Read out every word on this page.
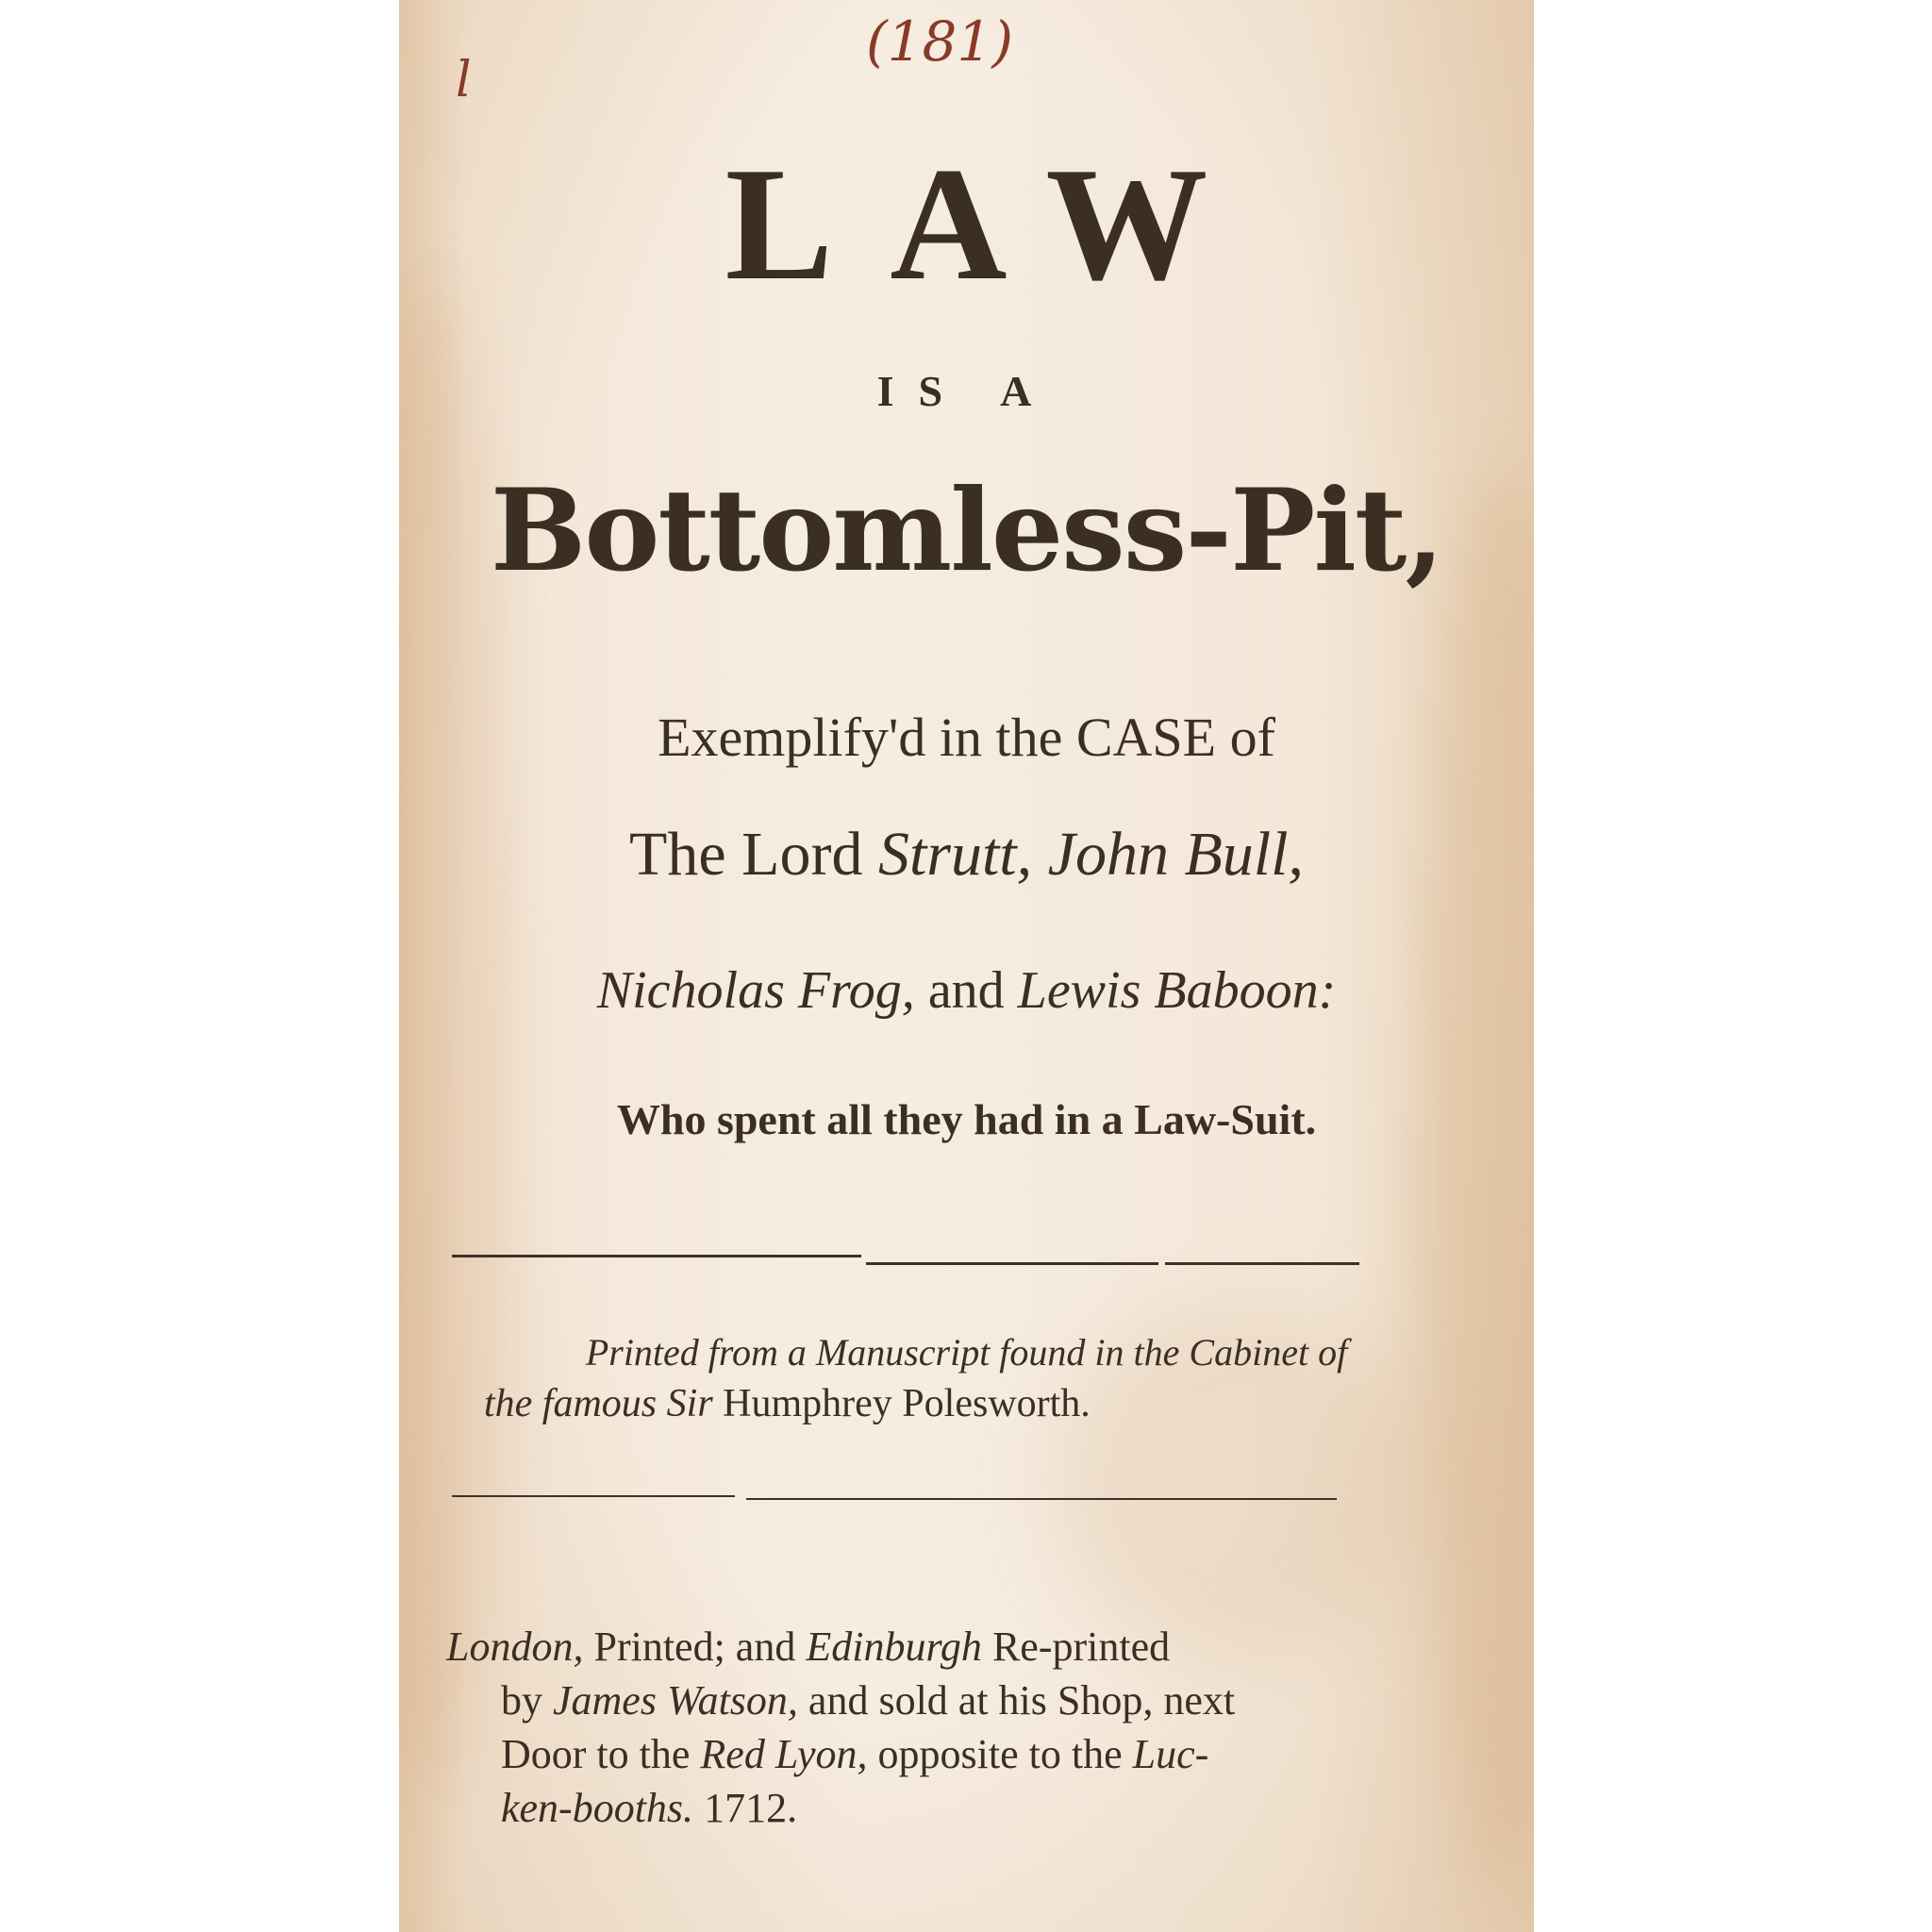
l
(181)
LAW
IS A
Bottomless-Pit,
Exemplify'd in the CASE of
The Lord Strutt, John Bull,
Nicholas Frog, and Lewis Baboon:
Who spent all they had in a Law-Suit.
Printed from a Manuscript found in the Cabinet of
the famous Sir Humphrey Polesworth.
London, Printed; and Edinburgh Re-printed
by James Watson, and sold at his Shop, next
Door to the Red Lyon, opposite to the Luc-
ken-booths. 1712.
